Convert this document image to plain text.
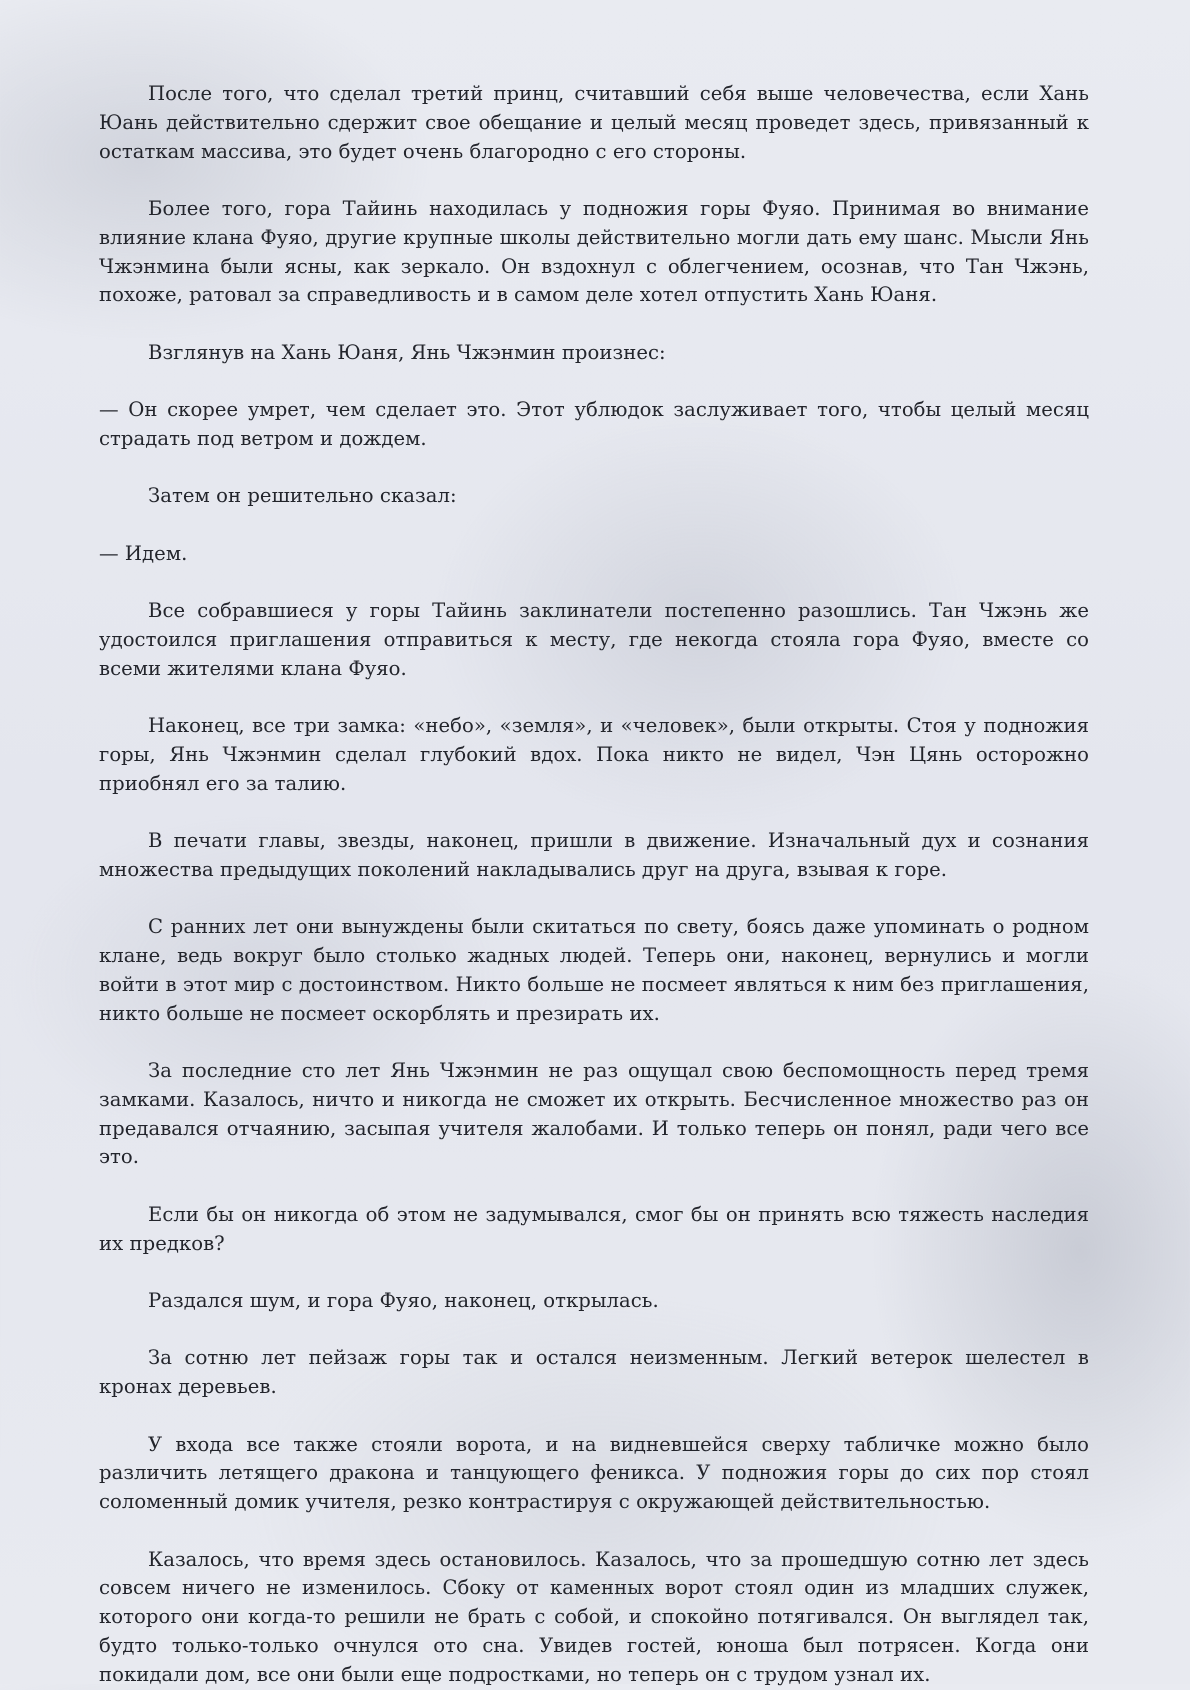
После того, что сделал третий принц, считавший себя выше человечества, если Хань Юань действительно сдержит свое обещание и целый месяц проведет здесь, привязанный к остаткам массива, это будет очень благородно с его стороны.

Более того, гора Тайинь находилась у подножия горы Фуяо. Принимая во внимание влияние клана Фуяо, другие крупные школы действительно могли дать ему шанс. Мысли Янь Чжэнмина были ясны, как зеркало. Он вздохнул с облегчением, осознав, что Тан Чжэнь, похоже, ратовал за справедливость и в самом деле хотел отпустить Хань Юаня.

Взглянув на Хань Юаня, Янь Чжэнмин произнес:

— Он скорее умрет, чем сделает это. Этот ублюдок заслуживает того, чтобы целый месяц страдать под ветром и дождем.

Затем он решительно сказал:

— Идем.

Все собравшиеся у горы Тайинь заклинатели постепенно разошлись. Тан Чжэнь же удостоился приглашения отправиться к месту, где некогда стояла гора Фуяо, вместе со всеми жителями клана Фуяо.

Наконец, все три замка: «небо», «земля», и «человек», были открыты. Стоя у подножия горы, Янь Чжэнмин сделал глубокий вдох. Пока никто не видел, Чэн Цянь осторожно приобнял его за талию.

В печати главы, звезды, наконец, пришли в движение. Изначальный дух и сознания множества предыдущих поколений накладывались друг на друга, взывая к горе.

С ранних лет они вынуждены были скитаться по свету, боясь даже упоминать о родном клане, ведь вокруг было столько жадных людей. Теперь они, наконец, вернулись и могли войти в этот мир с достоинством. Никто больше не посмеет являться к ним без приглашения, никто больше не посмеет оскорблять и презирать их.

За последние сто лет Янь Чжэнмин не раз ощущал свою беспомощность перед тремя замками. Казалось, ничто и никогда не сможет их открыть. Бесчисленное множество раз он предавался отчаянию, засыпая учителя жалобами. И только теперь он понял, ради чего все это.

Если бы он никогда об этом не задумывался, смог бы он принять всю тяжесть наследия их предков?

Раздался шум, и гора Фуяо, наконец, открылась.

За сотню лет пейзаж горы так и остался неизменным. Легкий ветерок шелестел в кронах деревьев.

У входа все также стояли ворота, и на видневшейся сверху табличке можно было различить летящего дракона и танцующего феникса. У подножия горы до сих пор стоял соломенный домик учителя, резко контрастируя с окружающей действительностью.

Казалось, что время здесь остановилось. Казалось, что за прошедшую сотню лет здесь совсем ничего не изменилось. Сбоку от каменных ворот стоял один из младших служек, которого они когда-то решили не брать с собой, и спокойно потягивался. Он выглядел так, будто только-только очнулся ото сна. Увидев гостей, юноша был потрясен. Когда они покидали дом, все они были еще подростками, но теперь он с трудом узнал их.
